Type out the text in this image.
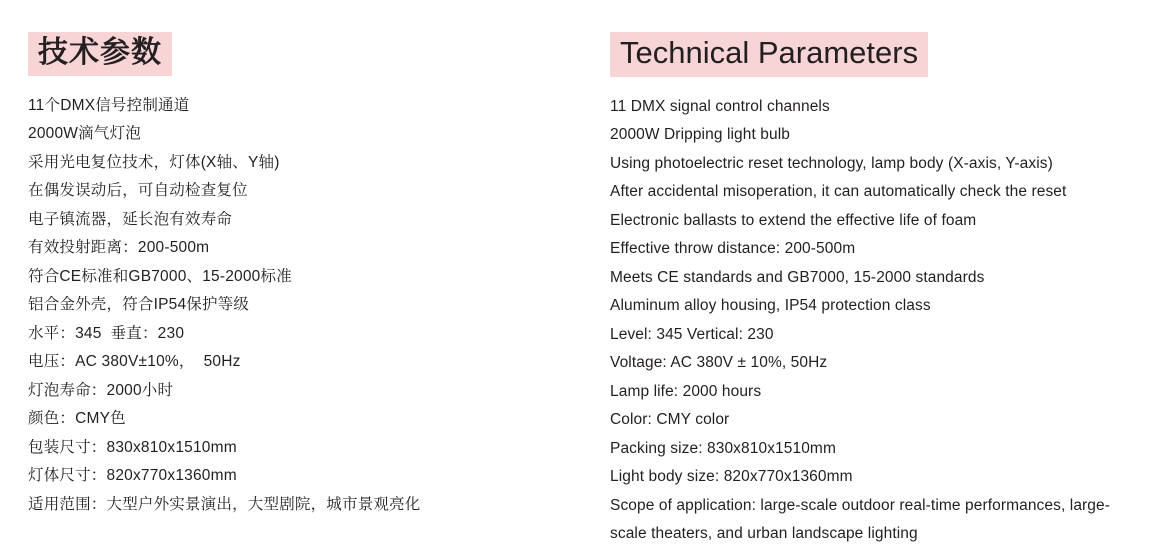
技术参数
11个DMX信号控制通道
2000W滴气灯泡
采用光电复位技术，灯体(X轴、Y轴)
在偶发误动后，可自动检查复位
电子镇流器，延长泡有效寿命
有效投射距离：200-500m
符合CE标准和GB7000、15-2000标准
铝合金外壳，符合IP54保护等级
水平：345  垂直：230
电压：AC 380V±10%，  50Hz
灯泡寿命：2000小时
颜色：CMY色
包装尺寸：830x810x1510mm
灯体尺寸：820x770x1360mm
适用范围：大型户外实景演出，大型剧院，城市景观亮化
Technical Parameters
11 DMX signal control channels
2000W Dripping light bulb
Using photoelectric reset technology, lamp body (X-axis, Y-axis)
After accidental misoperation, it can automatically check the reset
Electronic ballasts to extend the effective life of foam
Effective throw distance: 200-500m
Meets CE standards and GB7000, 15-2000 standards
Aluminum alloy housing, IP54 protection class
Level: 345 Vertical: 230
Voltage: AC 380V ± 10%, 50Hz
Lamp life: 2000 hours
Color: CMY color
Packing size: 830x810x1510mm
Light body size: 820x770x1360mm
Scope of application: large-scale outdoor real-time performances, large-scale theaters, and urban landscape lighting
